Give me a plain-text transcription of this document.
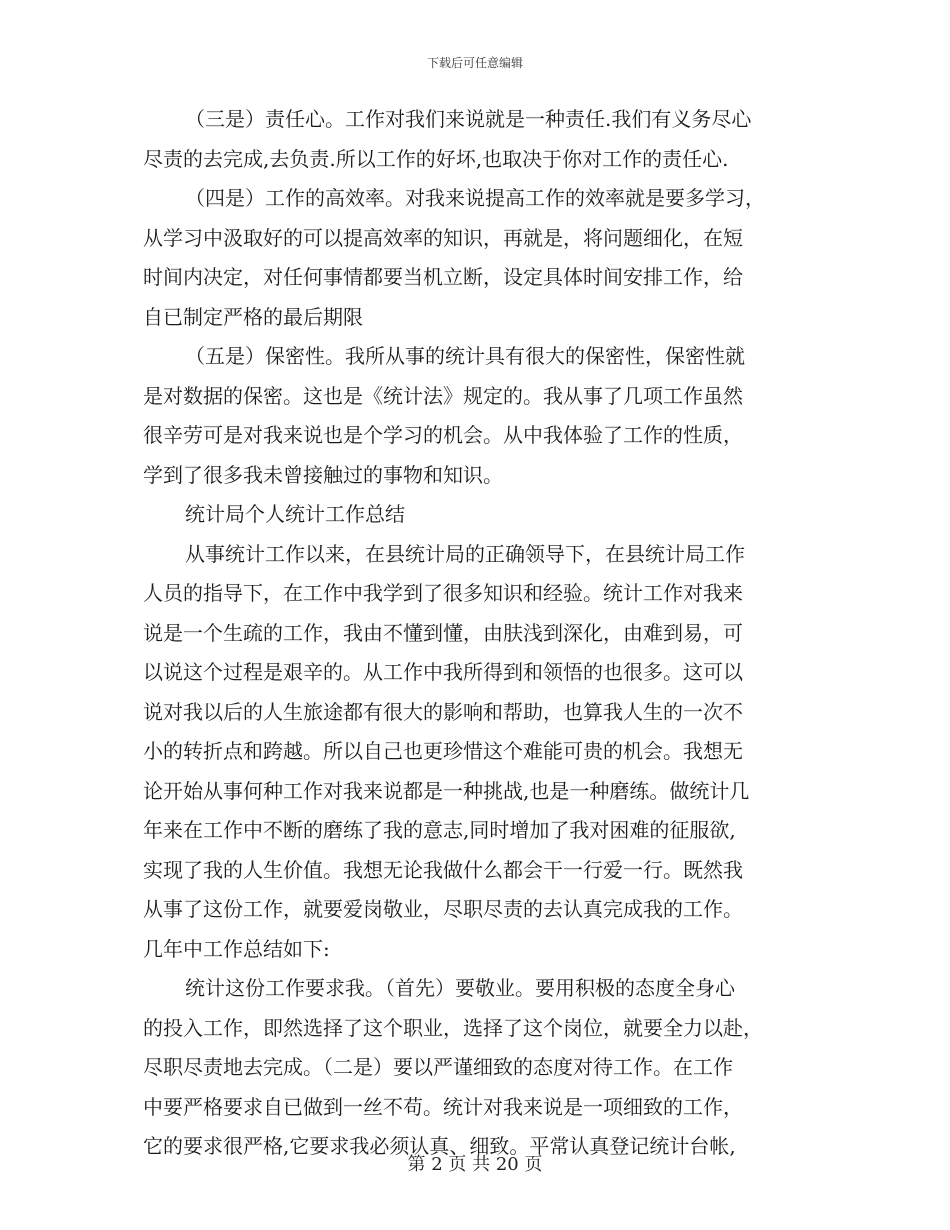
下载后可任意编辑
（三是）责任心。工作对我们来说就是一种责任.我们有义务尽心
尽责的去完成,去负责.所以工作的好坏,也取决于你对工作的责任心.
（四是）工作的高效率。对我来说提高工作的效率就是要多学习，
从学习中汲取好的可以提高效率的知识，再就是，将问题细化，在短
时间内决定，对任何事情都要当机立断，设定具体时间安排工作，给
自已制定严格的最后期限
（五是）保密性。我所从事的统计具有很大的保密性，保密性就
是对数据的保密。这也是《统计法》规定的。我从事了几项工作虽然
很辛劳可是对我来说也是个学习的机会。从中我体验了工作的性质，
学到了很多我未曾接触过的事物和知识。
统计局个人统计工作总结
从事统计工作以来，在县统计局的正确领导下，在县统计局工作
人员的指导下，在工作中我学到了很多知识和经验。统计工作对我来
说是一个生疏的工作，我由不懂到懂，由肤浅到深化，由难到易，可
以说这个过程是艰辛的。从工作中我所得到和领悟的也很多。这可以
说对我以后的人生旅途都有很大的影响和帮助，也算我人生的一次不
小的转折点和跨越。所以自己也更珍惜这个难能可贵的机会。我想无
论开始从事何种工作对我来说都是一种挑战,也是一种磨练。做统计几
年来在工作中不断的磨练了我的意志,同时增加了我对困难的征服欲,
实现了我的人生价值。我想无论我做什么都会干一行爱一行。既然我
从事了这份工作，就要爱岗敬业，尽职尽责的去认真完成我的工作。
几年中工作总结如下:
统计这份工作要求我。（首先）要敬业。要用积极的态度全身心
的投入工作，即然选择了这个职业，选择了这个岗位，就要全力以赴，
尽职尽责地去完成。（二是）要以严谨细致的态度对待工作。在工作
中要严格要求自已做到一丝不苟。统计对我来说是一项细致的工作，
它的要求很严格,它要求我必须认真、细致。平常认真登记统计台帐,
第 2 页 共 20 页
